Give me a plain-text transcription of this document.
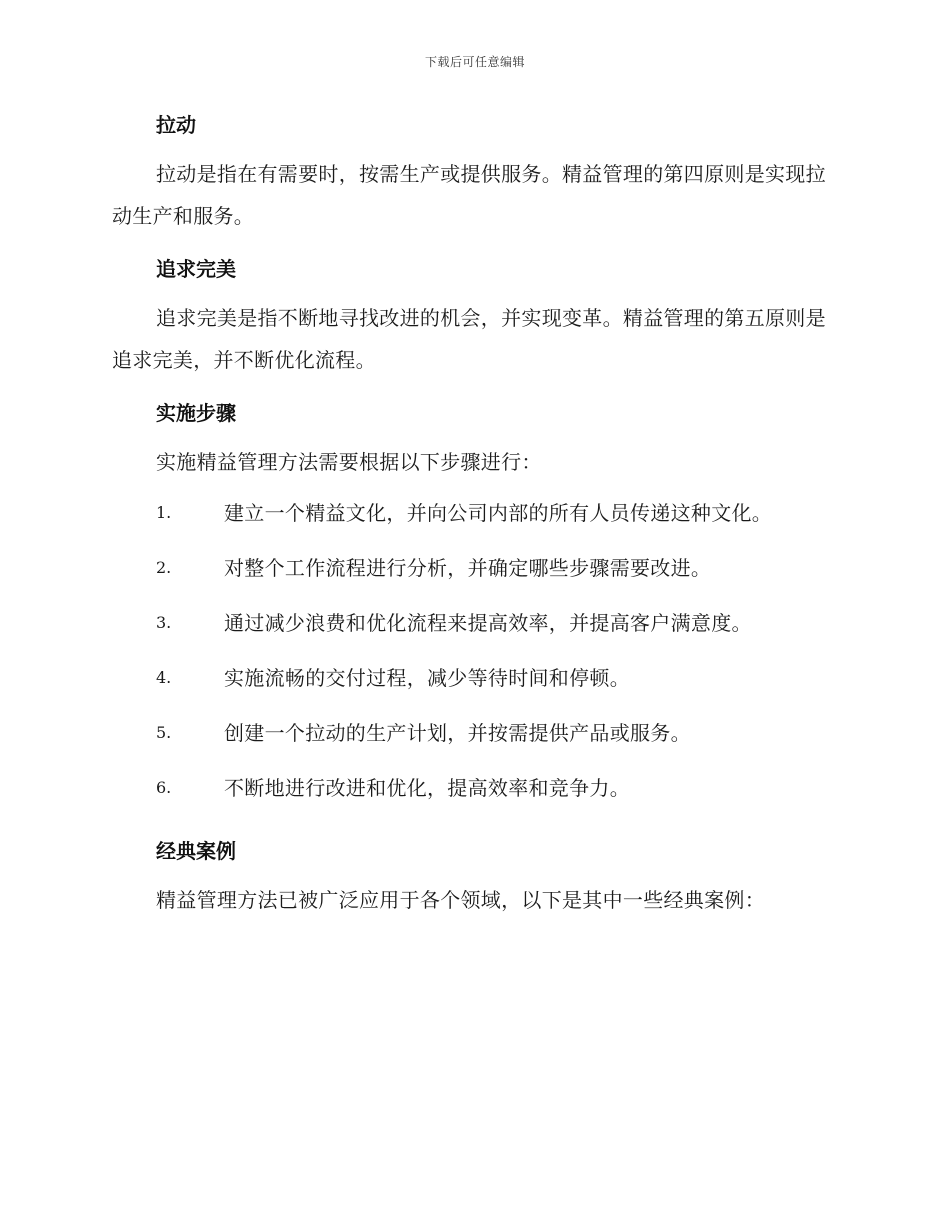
下载后可任意编辑
拉动

拉动是指在有需要时，按需生产或提供服务。精益管理的第四原则是实现拉动生产和服务。

追求完美

追求完美是指不断地寻找改进的机会，并实现变革。精益管理的第五原则是追求完美，并不断优化流程。

实施步骤

实施精益管理方法需要根据以下步骤进行：

1.	建立一个精益文化，并向公司内部的所有人员传递这种文化。
2.	对整个工作流程进行分析，并确定哪些步骤需要改进。
3.	通过减少浪费和优化流程来提高效率，并提高客户满意度。
4.	实施流畅的交付过程，减少等待时间和停顿。
5.	创建一个拉动的生产计划，并按需提供产品或服务。
6.	不断地进行改进和优化，提高效率和竞争力。
经典案例

精益管理方法已被广泛应用于各个领域，以下是其中一些经典案例：
